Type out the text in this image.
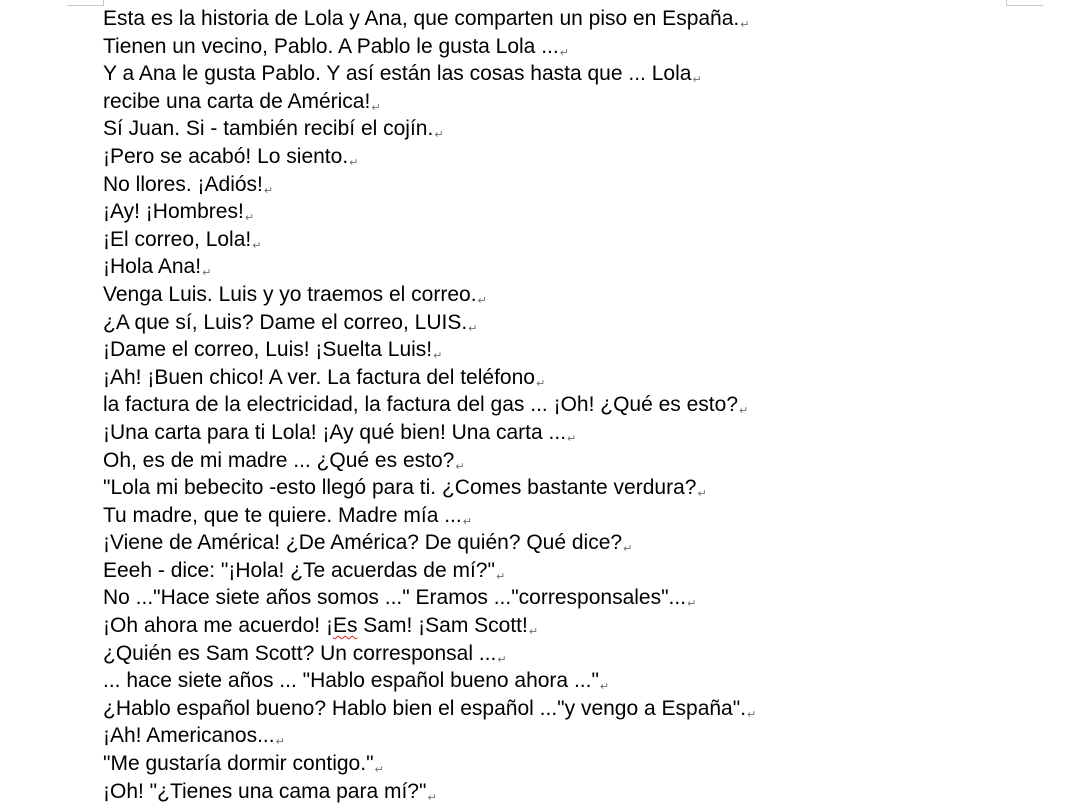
Esta es la historia de Lola y Ana, que comparten un piso en España.↵
Tienen un vecino, Pablo. A Pablo le gusta Lola ...↵
Y a Ana le gusta Pablo. Y así están las cosas hasta que ... Lola↵
recibe una carta de América!↵
Sí Juan. Si - también recibí el cojín.↵
¡Pero se acabó! Lo siento.↵
No llores. ¡Adiós!↵
¡Ay! ¡Hombres!↵
¡El correo, Lola!↵
¡Hola Ana!↵
Venga Luis. Luis y yo traemos el correo.↵
¿A que sí, Luis? Dame el correo, LUIS.↵
¡Dame el correo, Luis! ¡Suelta Luis!↵
¡Ah! ¡Buen chico! A ver. La factura del teléfono↵
la factura de la electricidad, la factura del gas ... ¡Oh! ¿Qué es esto?↵
¡Una carta para ti Lola! ¡Ay qué bien! Una carta ...↵
Oh, es de mi madre ... ¿Qué es esto?↵
"Lola mi bebecito -esto llegó para ti. ¿Comes bastante verdura?↵
Tu madre, que te quiere. Madre mía ...↵
¡Viene de América! ¿De América? De quién? Qué dice?↵
Eeeh - dice: "¡Hola! ¿Te acuerdas de mí?"↵
No ..."Hace siete años somos ..." Eramos ..."corresponsales"...↵
¡Oh ahora me acuerdo! ¡Es Sam! ¡Sam Scott!↵
¿Quién es Sam Scott? Un corresponsal ...↵
... hace siete años ... "Hablo español bueno ahora ..."↵
¿Hablo español bueno? Hablo bien el español ..."y vengo a España".↵
¡Ah! Americanos...↵
"Me gustaría dormir contigo."↵
¡Oh! "¿Tienes una cama para mí?"↵
